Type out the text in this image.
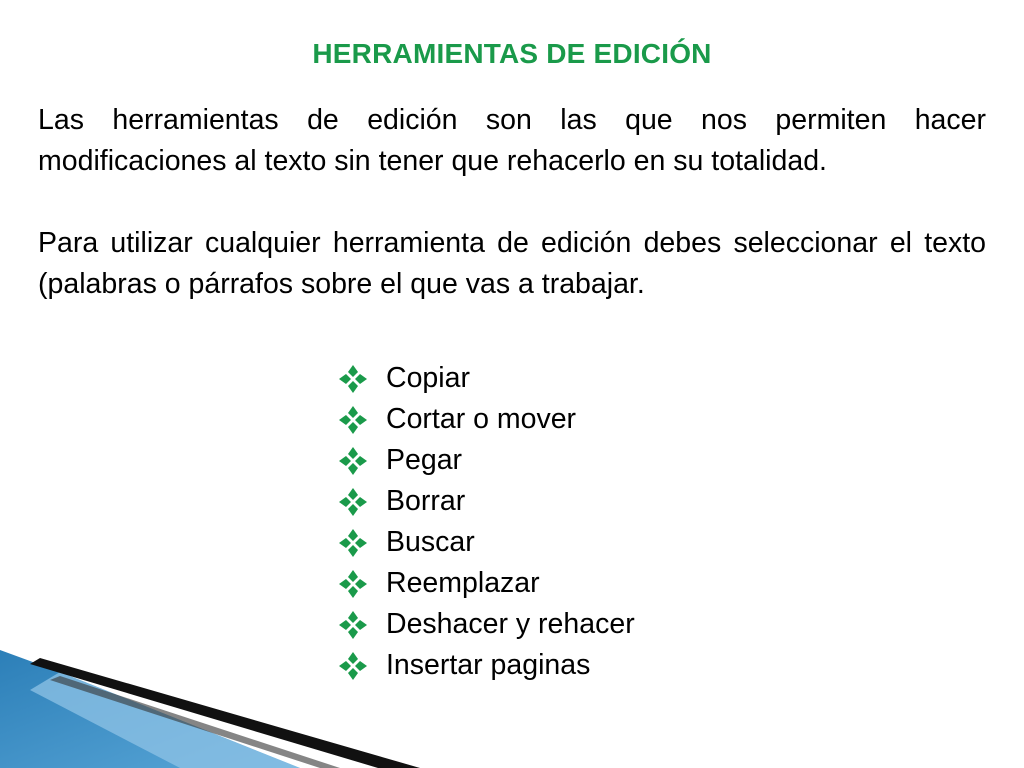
HERRAMIENTAS DE EDICIÓN
Las herramientas de edición son las que nos permiten hacer modificaciones al texto sin tener que rehacerlo en su totalidad.
Para utilizar cualquier herramienta de edición debes seleccionar el texto (palabras o párrafos sobre el que vas a trabajar.
Copiar
Cortar o mover
Pegar
Borrar
Buscar
Reemplazar
Deshacer y rehacer
Insertar paginas
